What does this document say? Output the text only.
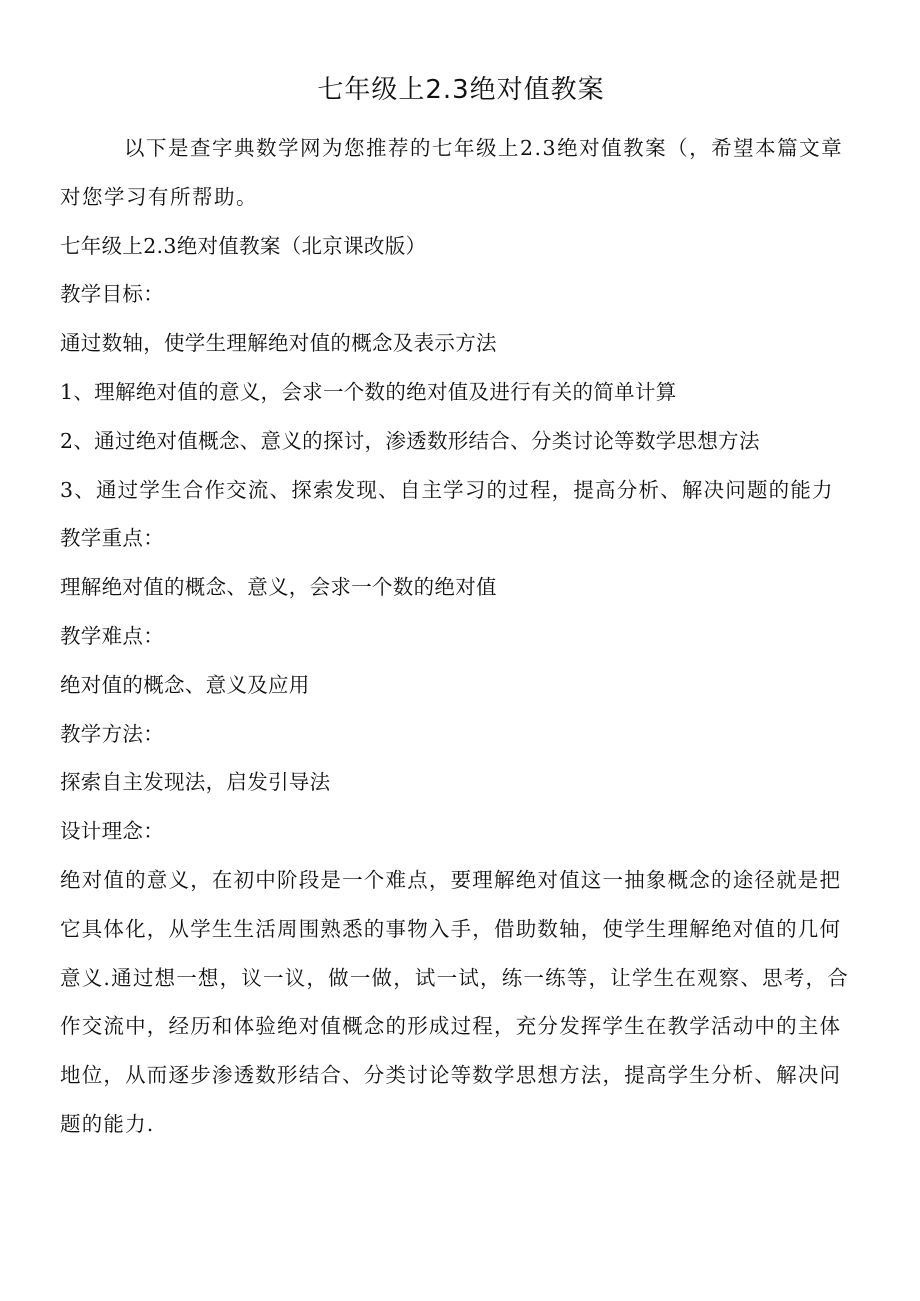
七年级上2.3绝对值教案

以下是查字典数学网为您推荐的七年级上2.3绝对值教案（，希望本篇文章对您学习有所帮助。

七年级上2.3绝对值教案（北京课改版）

教学目标：

通过数轴，使学生理解绝对值的概念及表示方法

1、理解绝对值的意义，会求一个数的绝对值及进行有关的简单计算

2、通过绝对值概念、意义的探讨，渗透数形结合、分类讨论等数学思想方法

3、通过学生合作交流、探索发现、自主学习的过程，提高分析、解决问题的能力

教学重点：

理解绝对值的概念、意义，会求一个数的绝对值

教学难点：

绝对值的概念、意义及应用

教学方法：

探索自主发现法，启发引导法

设计理念：

绝对值的意义，在初中阶段是一个难点，要理解绝对值这一抽象概念的途径就是把它具体化，从学生生活周围熟悉的事物入手，借助数轴，使学生理解绝对值的几何意义.通过想一想，议一议，做一做，试一试，练一练等，让学生在观察、思考，合作交流中，经历和体验绝对值概念的形成过程，充分发挥学生在教学活动中的主体地位，从而逐步渗透数形结合、分类讨论等数学思想方法，提高学生分析、解决问题的能力.
